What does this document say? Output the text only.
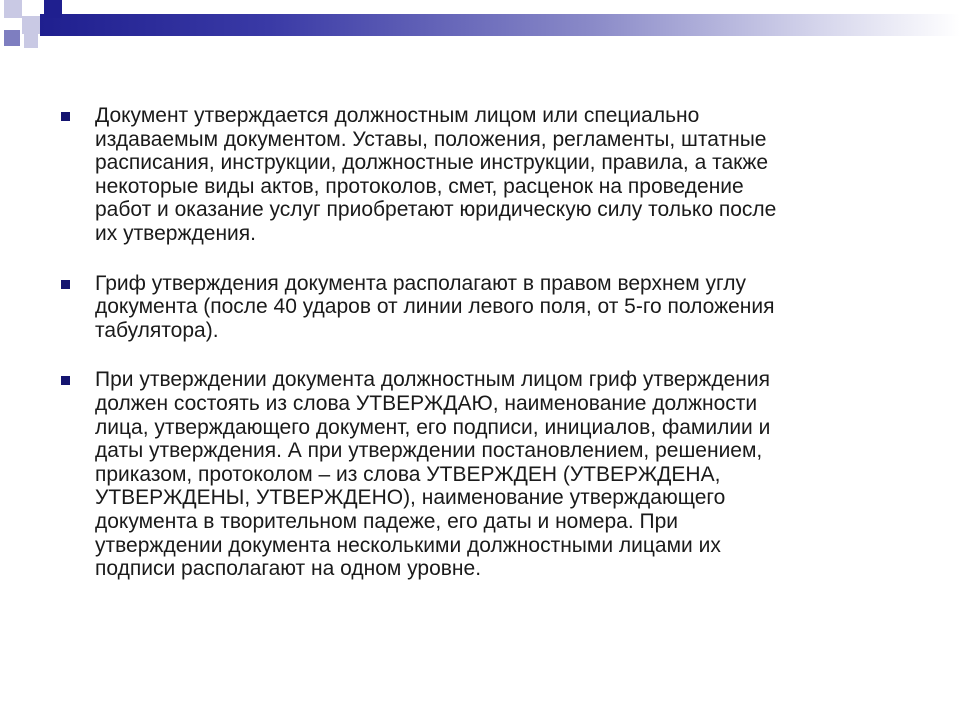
Документ утверждается должностным лицом или специально
издаваемым документом. Уставы, положения, регламенты, штатные
расписания, инструкции, должностные инструкции, правила, а также
некоторые виды актов, протоколов, смет, расценок на проведение
работ и оказание услуг приобретают юридическую силу только после
их утверждения.

Гриф утверждения документа располагают в правом верхнем углу
документа (после 40 ударов от линии левого поля, от 5-го положения
табулятора).

При утверждении документа должностным лицом гриф утверждения
должен состоять из слова УТВЕРЖДАЮ, наименование должности
лица, утверждающего документ, его подписи, инициалов, фамилии и
даты утверждения. А при утверждении постановлением, решением,
приказом, протоколом – из слова УТВЕРЖДЕН (УТВЕРЖДЕНА,
УТВЕРЖДЕНЫ, УТВЕРЖДЕНО), наименование утверждающего
документа в творительном падеже, его даты и номера. При
утверждении документа несколькими должностными лицами их
подписи располагают на одном уровне.
